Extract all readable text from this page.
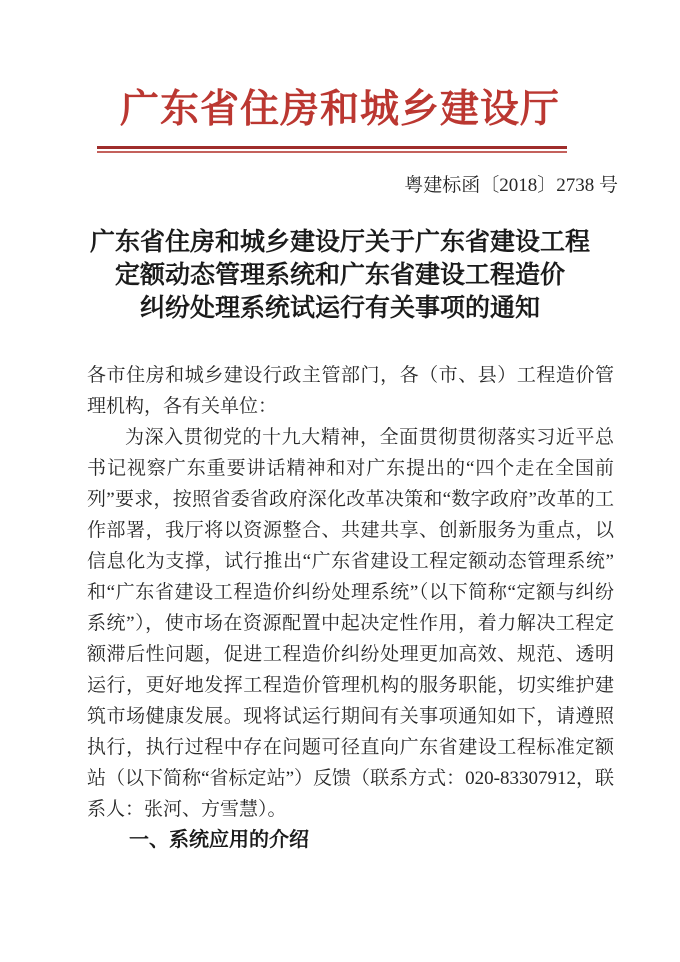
广东省住房和城乡建设厅
粤建标函〔2018〕2738 号
广东省住房和城乡建设厅关于广东省建设工程
定额动态管理系统和广东省建设工程造价
纠纷处理系统试运行有关事项的通知

各市住房和城乡建设行政主管部门，各（市、县）工程造价管理机构，各有关单位：

为深入贯彻党的十九大精神，全面贯彻贯彻落实习近平总书记视察广东重要讲话精神和对广东提出的“四个走在全国前列”要求，按照省委省政府深化改革决策和“数字政府”改革的工作部署，我厅将以资源整合、共建共享、创新服务为重点，以信息化为支撑，试行推出“广东省建设工程定额动态管理系统”和“广东省建设工程造价纠纷处理系统”（以下简称“定额与纠纷系统”），使市场在资源配置中起决定性作用，着力解决工程定额滞后性问题，促进工程造价纠纷处理更加高效、规范、透明运行，更好地发挥工程造价管理机构的服务职能，切实维护建筑市场健康发展。现将试运行期间有关事项通知如下，请遵照执行，执行过程中存在问题可径直向广东省建设工程标准定额站（以下简称“省标定站”）反馈（联系方式：020-83307912，联系人：张河、方雪慧）。

一、系统应用的介绍
